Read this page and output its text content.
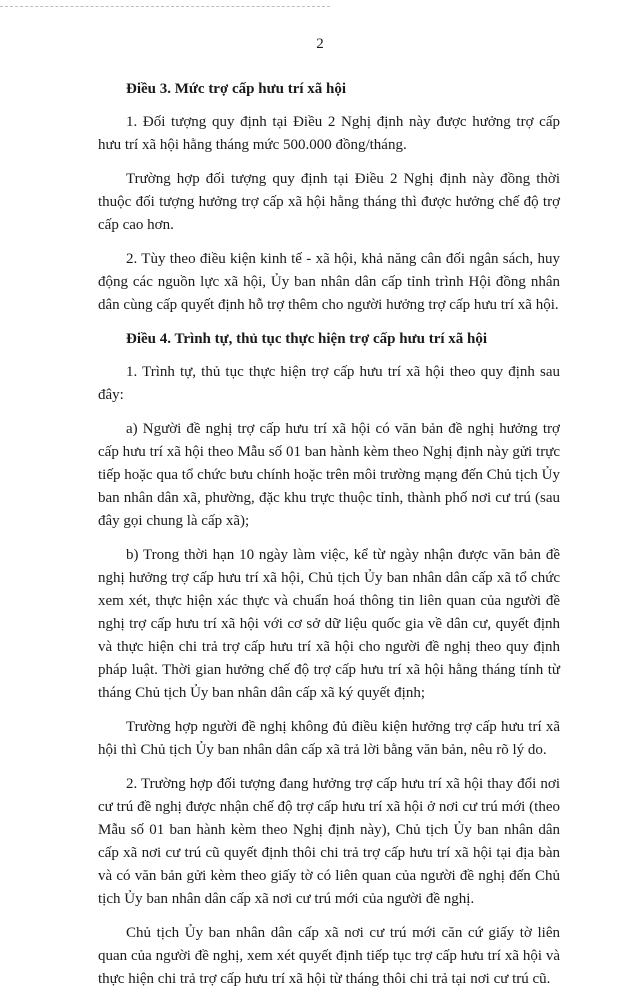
2
Điều 3. Mức trợ cấp hưu trí xã hội

1. Đối tượng quy định tại Điều 2 Nghị định này được hưởng trợ cấp hưu trí xã hội hằng tháng mức 500.000 đồng/tháng.

Trường hợp đối tượng quy định tại Điều 2 Nghị định này đồng thời thuộc đối tượng hưởng trợ cấp xã hội hằng tháng thì được hưởng chế độ trợ cấp cao hơn.

2. Tùy theo điều kiện kinh tế - xã hội, khả năng cân đối ngân sách, huy động các nguồn lực xã hội, Ủy ban nhân dân cấp tỉnh trình Hội đồng nhân dân cùng cấp quyết định hỗ trợ thêm cho người hưởng trợ cấp hưu trí xã hội.

Điều 4. Trình tự, thủ tục thực hiện trợ cấp hưu trí xã hội

1. Trình tự, thủ tục thực hiện trợ cấp hưu trí xã hội theo quy định sau đây:

a) Người đề nghị trợ cấp hưu trí xã hội có văn bản đề nghị hưởng trợ cấp hưu trí xã hội theo Mẫu số 01 ban hành kèm theo Nghị định này gửi trực tiếp hoặc qua tổ chức bưu chính hoặc trên môi trường mạng đến Chủ tịch Ủy ban nhân dân xã, phường, đặc khu trực thuộc tỉnh, thành phố nơi cư trú (sau đây gọi chung là cấp xã);

b) Trong thời hạn 10 ngày làm việc, kể từ ngày nhận được văn bản đề nghị hưởng trợ cấp hưu trí xã hội, Chủ tịch Ủy ban nhân dân cấp xã tổ chức xem xét, thực hiện xác thực và chuẩn hoá thông tin liên quan của người đề nghị trợ cấp hưu trí xã hội với cơ sở dữ liệu quốc gia về dân cư, quyết định và thực hiện chi trả trợ cấp hưu trí xã hội cho người đề nghị theo quy định pháp luật. Thời gian hưởng chế độ trợ cấp hưu trí xã hội hằng tháng tính từ tháng Chủ tịch Ủy ban nhân dân cấp xã ký quyết định;

Trường hợp người đề nghị không đủ điều kiện hưởng trợ cấp hưu trí xã hội thì Chủ tịch Ủy ban nhân dân cấp xã trả lời bằng văn bản, nêu rõ lý do.

2. Trường hợp đối tượng đang hưởng trợ cấp hưu trí xã hội thay đổi nơi cư trú đề nghị được nhận chế độ trợ cấp hưu trí xã hội ở nơi cư trú mới (theo Mẫu số 01 ban hành kèm theo Nghị định này), Chủ tịch Ủy ban nhân dân cấp xã nơi cư trú cũ quyết định thôi chi trả trợ cấp hưu trí xã hội tại địa bàn và có văn bản gửi kèm theo giấy tờ có liên quan của người đề nghị đến Chủ tịch Ủy ban nhân dân cấp xã nơi cư trú mới của người đề nghị.

Chủ tịch Ủy ban nhân dân cấp xã nơi cư trú mới căn cứ giấy tờ liên quan của người đề nghị, xem xét quyết định tiếp tục trợ cấp hưu trí xã hội và thực hiện chi trả trợ cấp hưu trí xã hội từ tháng thôi chi trả tại nơi cư trú cũ.
